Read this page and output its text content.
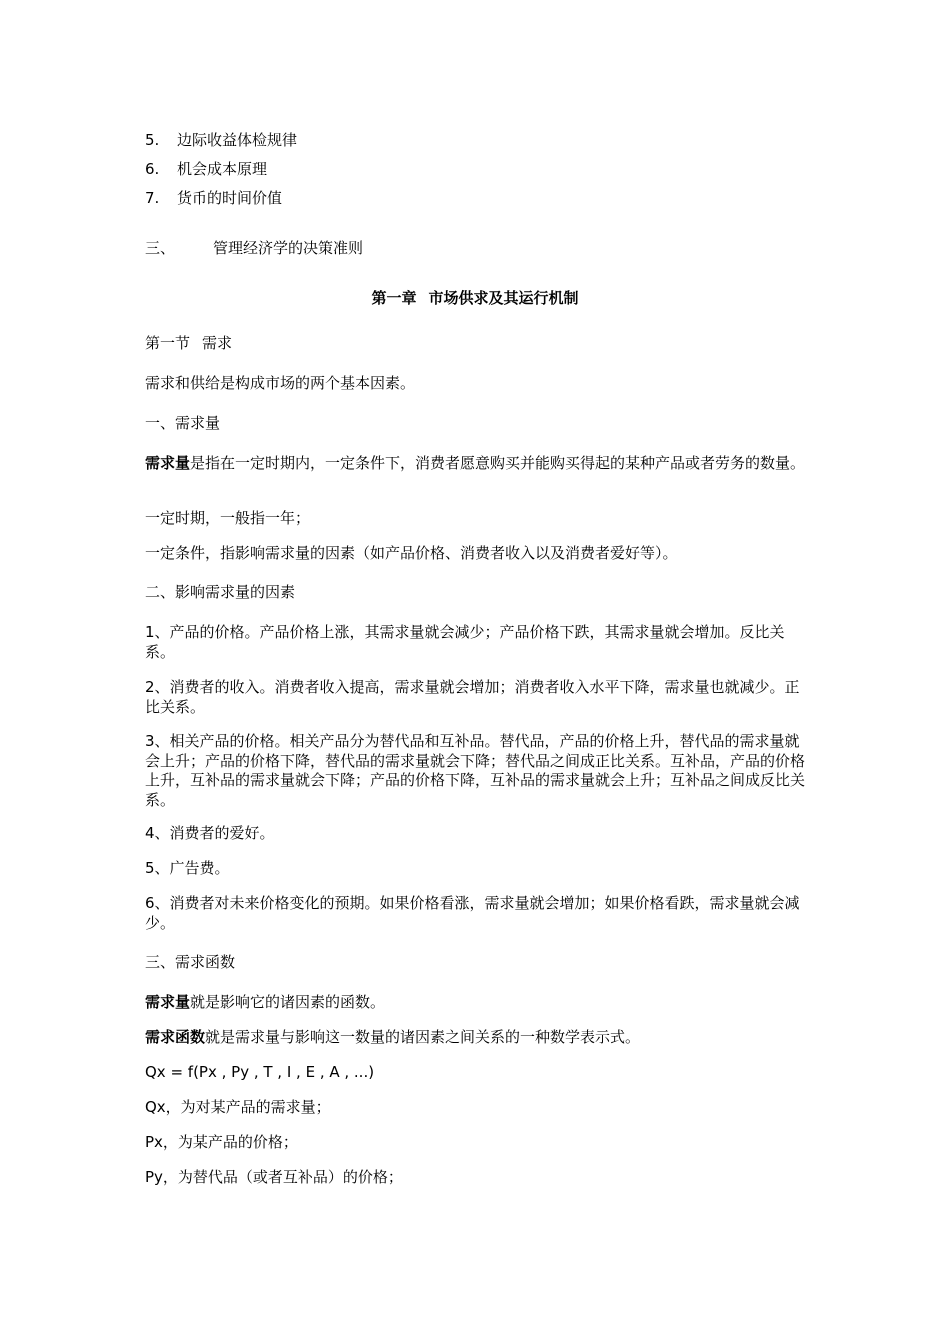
5. 边际收益体检规律

6. 机会成本原理

7. 货币的时间价值

三、	管理经济学的决策准则

第一章 市场供求及其运行机制

第一节 需求

需求和供给是构成市场的两个基本因素。

一、需求量

需求量是指在一定时期内，一定条件下，消费者愿意购买并能购买得起的某种产品或者劳务的数量。

一定时期，一般指一年；

一定条件，指影响需求量的因素（如产品价格、消费者收入以及消费者爱好等）。

二、影响需求量的因素

1、产品的价格。产品价格上涨，其需求量就会减少；产品价格下跌，其需求量就会增加。反比关系。

2、消费者的收入。消费者收入提高，需求量就会增加；消费者收入水平下降，需求量也就减少。正比关系。

3、相关产品的价格。相关产品分为替代品和互补品。替代品，产品的价格上升，替代品的需求量就会上升；产品的价格下降，替代品的需求量就会下降；替代品之间成正比关系。互补品，产品的价格上升，互补品的需求量就会下降；产品的价格下降，互补品的需求量就会上升；互补品之间成反比关系。

4、消费者的爱好。

5、广告费。

6、消费者对未来价格变化的预期。如果价格看涨，需求量就会增加；如果价格看跌，需求量就会减少。

三、需求函数

需求量就是影响它的诸因素的函数。

需求函数就是需求量与影响这一数量的诸因素之间关系的一种数学表示式。

Qx = f(Px , Py , T , I , E , A , ...)

Qx，为对某产品的需求量；

Px，为某产品的价格；

Py，为替代品（或者互补品）的价格；
